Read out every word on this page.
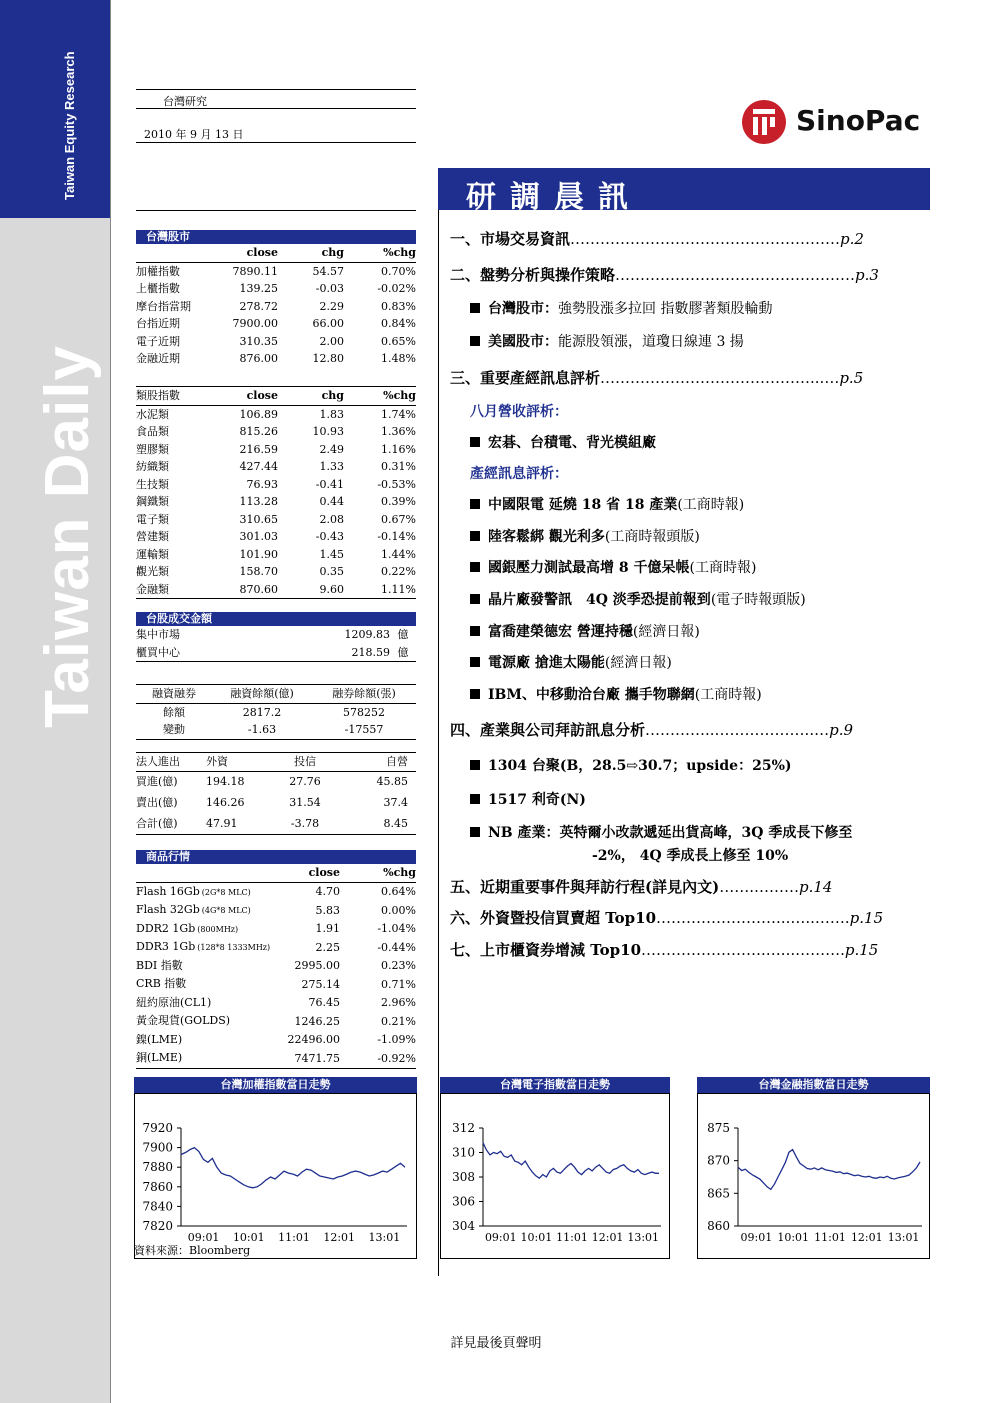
Taiwan Equity Research
Taiwan Daily
台灣研究
2010 年 9 月 13 日	SinoPac
研調晨訊
台灣股市
	close	chg	%chg
加權指數	7890.11	54.57	0.70%
上櫃指數	139.25	-0.03	-0.02%
摩台指當期	278.72	2.29	0.83%
台指近期	7900.00	66.00	0.84%
電子近期	310.35	2.00	0.65%
金融近期	876.00	12.80	1.48%
類股指數	close	chg	%chg
水泥類	106.89	1.83	1.74%
食品類	815.26	10.93	1.36%
塑膠類	216.59	2.49	1.16%
紡織類	427.44	1.33	0.31%
生技類	76.93	-0.41	-0.53%
鋼鐵類	113.28	0.44	0.39%
電子類	310.65	2.08	0.67%
營建類	301.03	-0.43	-0.14%
運輸類	101.90	1.45	1.44%
觀光類	158.70	0.35	0.22%
金融類	870.60	9.60	1.11%
台股成交金額
集中市場	1209.83	億
櫃買中心	218.59	億
融資融券	融資餘額(億)	融券餘額(張)
餘額	2817.2	578252
變動	-1.63	-17557
法人進出	外資	投信	自營
買進(億)	194.18	27.76	45.85
賣出(億)	146.26	31.54	37.4
合計(億)	47.91	-3.78	8.45
商品行情
	close	%chg
Flash 16Gb (2G*8 MLC)	4.70	0.64%
Flash 32Gb (4G*8 MLC)	5.83	0.00%
DDR2 1Gb (800MHz)	1.91	-1.04%
DDR3 1Gb (128*8 1333MHz)	2.25	-0.44%
BDI 指數	2995.00	0.23%
CRB 指數	275.14	0.71%
紐約原油(CL1)	76.45	2.96%
黃金現貨(GOLDS)	1246.25	0.21%
鎳(LME)	22496.00	-1.09%
銅(LME)	7471.75	-0.92%
一、市場交易資訊………………………………………………p.2
二、盤勢分析與操作策略…………………………………………p.3
台灣股市：強勢股漲多拉回 指數膠著類股輪動
美國股市：能源股領漲，道瓊日線連 3 揚
三、重要產經訊息評析……………………………………...…p.5
八月營收評析：
宏碁、台積電、背光模組廠
產經訊息評析：
中國限電 延燒 18 省 18 產業(工商時報)
陸客鬆綁 觀光利多(工商時報頭版)
國銀壓力測試最高增 8 千億呆帳(工商時報)
晶片廠發警訊　4Q 淡季恐提前報到(電子時報頭版)
富喬建榮德宏 營運持穩(經濟日報)
電源廠 搶進太陽能(經濟日報)
IBM、中移動洽台廠 攜手物聯網(工商時報)
四、產業與公司拜訪訊息分析…………..………………..…p.9
1304 台聚(B，28.5⇨30.7；upside：25%)
1517 利奇(N)
NB 產業：英特爾小改款遞延出貨高峰，3Q 季成長下修至
-2%， 4Q 季成長上修至 10%
五、近期重要事件與拜訪行程(詳見內文)…….………p.14
六、外資暨投信買賣超 Top10……………………...…..…….p.15
七、上市櫃資券增減 Top10…………………….…...……….p.15
台灣加權指數當日走勢
7920
7900
7880
7860
7840
7820
09:01 10:01 11:01 12:01 13:01
資料來源：Bloomberg
台灣電子指數當日走勢
312
310
308
306
304
09:01 10:01 11:01 12:01 13:01
台灣金融指數當日走勢
875
870
865
860
09:01 10:01 11:01 12:01 13:01
詳見最後頁聲明
